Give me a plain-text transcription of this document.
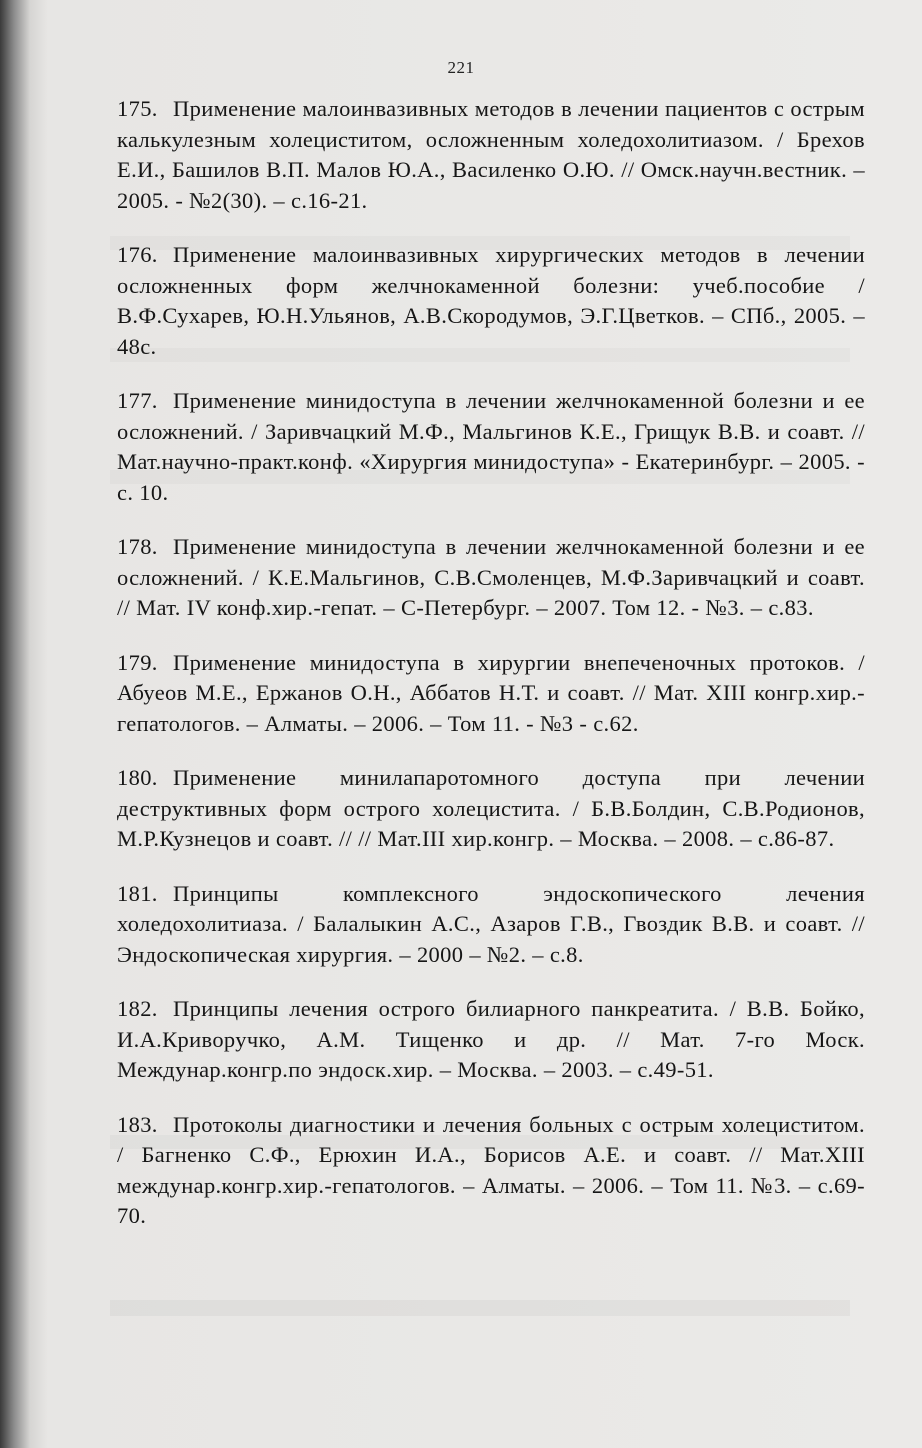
221
175. Применение малоинвазивных методов в лечении пациентов с острым калькулезным холециститом, осложненным холедохолитиазом. / Брехов Е.И., Башилов В.П. Малов Ю.А., Василенко О.Ю. // Омск.научн.вестник. – 2005. - №2(30). – с.16-21.
176. Применение малоинвазивных хирургических методов в лечении осложненных форм желчнокаменной болезни: учеб.пособие / В.Ф.Сухарев, Ю.Н.Ульянов, А.В.Скородумов, Э.Г.Цветков. – СПб., 2005. – 48с.
177. Применение минидоступа в лечении желчнокаменной болезни и ее осложнений. / Заривчацкий М.Ф., Мальгинов К.Е., Грищук В.В. и соавт. // Мат.научно-практ.конф. «Хирургия минидоступа» - Екатеринбург. – 2005. - с. 10.
178. Применение минидоступа в лечении желчнокаменной болезни и ее осложнений. / К.Е.Мальгинов, С.В.Смоленцев, М.Ф.Заривчацкий и соавт. // Мат. IV конф.хир.-гепат. – С-Петербург. – 2007. Том 12. - №3. – с.83.
179. Применение минидоступа в хирургии внепеченочных протоков. / Абуеов М.Е., Ержанов О.Н., Аббатов Н.Т. и соавт. // Мат. XIII конгр.хир.-гепатологов. – Алматы. – 2006. – Том 11. - №3 - с.62.
180. Применение минилапаротомного доступа при лечении деструктивных форм острого холецистита. / Б.В.Болдин, С.В.Родионов, М.Р.Кузнецов и соавт. // // Мат.III хир.конгр. – Москва. – 2008. – с.86-87.
181. Принципы комплексного эндоскопического лечения холедохолитиаза. / Балалыкин А.С., Азаров Г.В., Гвоздик В.В. и соавт. // Эндоскопическая хирургия. – 2000 – №2. – с.8.
182. Принципы лечения острого билиарного панкреатита. / В.В. Бойко, И.А.Криворучко, А.М. Тищенко и др. // Мат. 7-го Моск. Междунар.конгр.по эндоск.хир. – Москва. – 2003. – с.49-51.
183. Протоколы диагностики и лечения больных с острым холециститом. / Багненко С.Ф., Ерюхин И.А., Борисов А.Е. и соавт. // Мат.XIII междунар.конгр.хир.-гепатологов. – Алматы. – 2006. – Том 11. №3. – с.69-70.
